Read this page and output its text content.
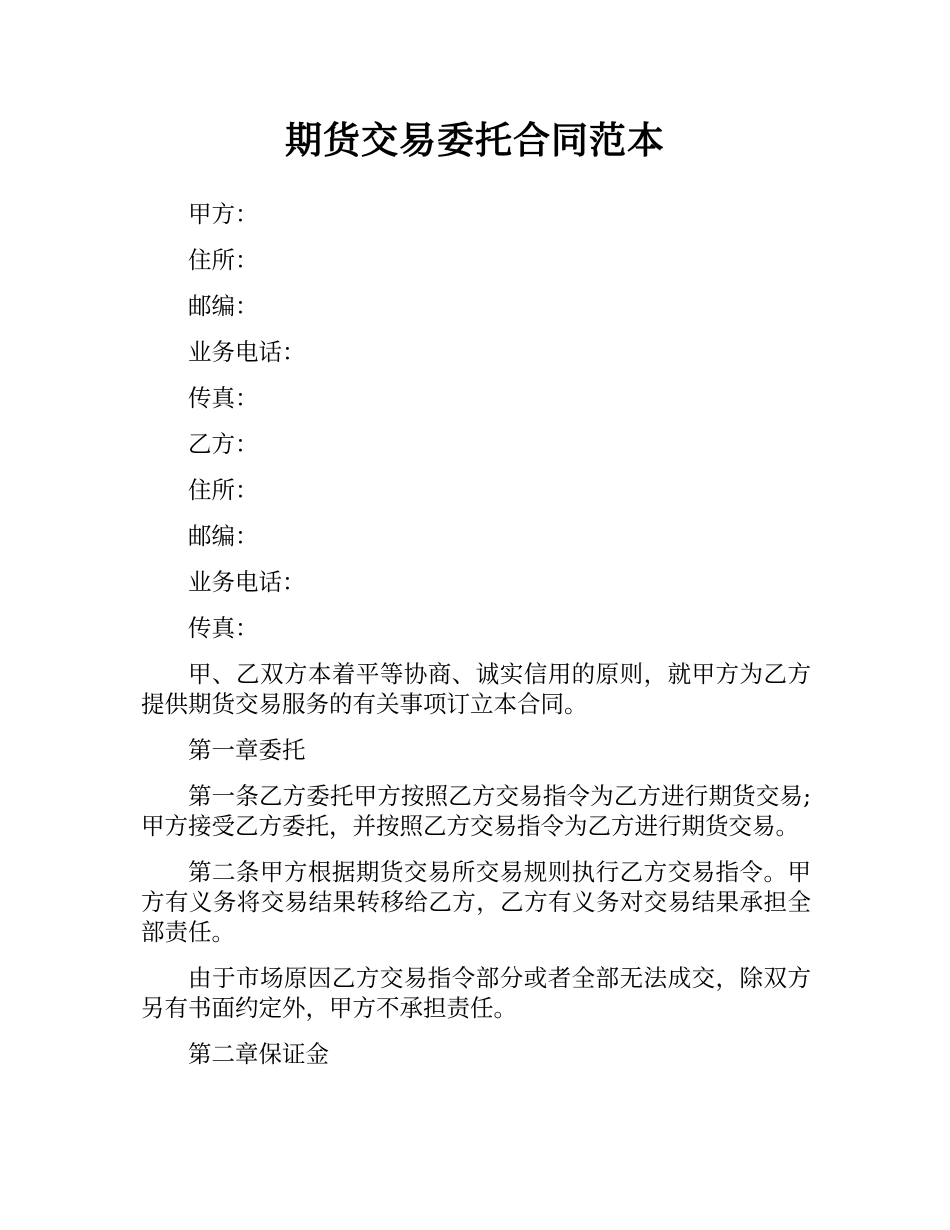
期货交易委托合同范本

甲方：

住所：

邮编：

业务电话：

传真：

乙方：

住所：

邮编：

业务电话：

传真：

甲、乙双方本着平等协商、诚实信用的原则，就甲方为乙方提供期货交易服务的有关事项订立本合同。

第一章委托

第一条乙方委托甲方按照乙方交易指令为乙方进行期货交易;甲方接受乙方委托，并按照乙方交易指令为乙方进行期货交易。

第二条甲方根据期货交易所交易规则执行乙方交易指令。甲方有义务将交易结果转移给乙方，乙方有义务对交易结果承担全部责任。

由于市场原因乙方交易指令部分或者全部无法成交，除双方另有书面约定外，甲方不承担责任。

第二章保证金
